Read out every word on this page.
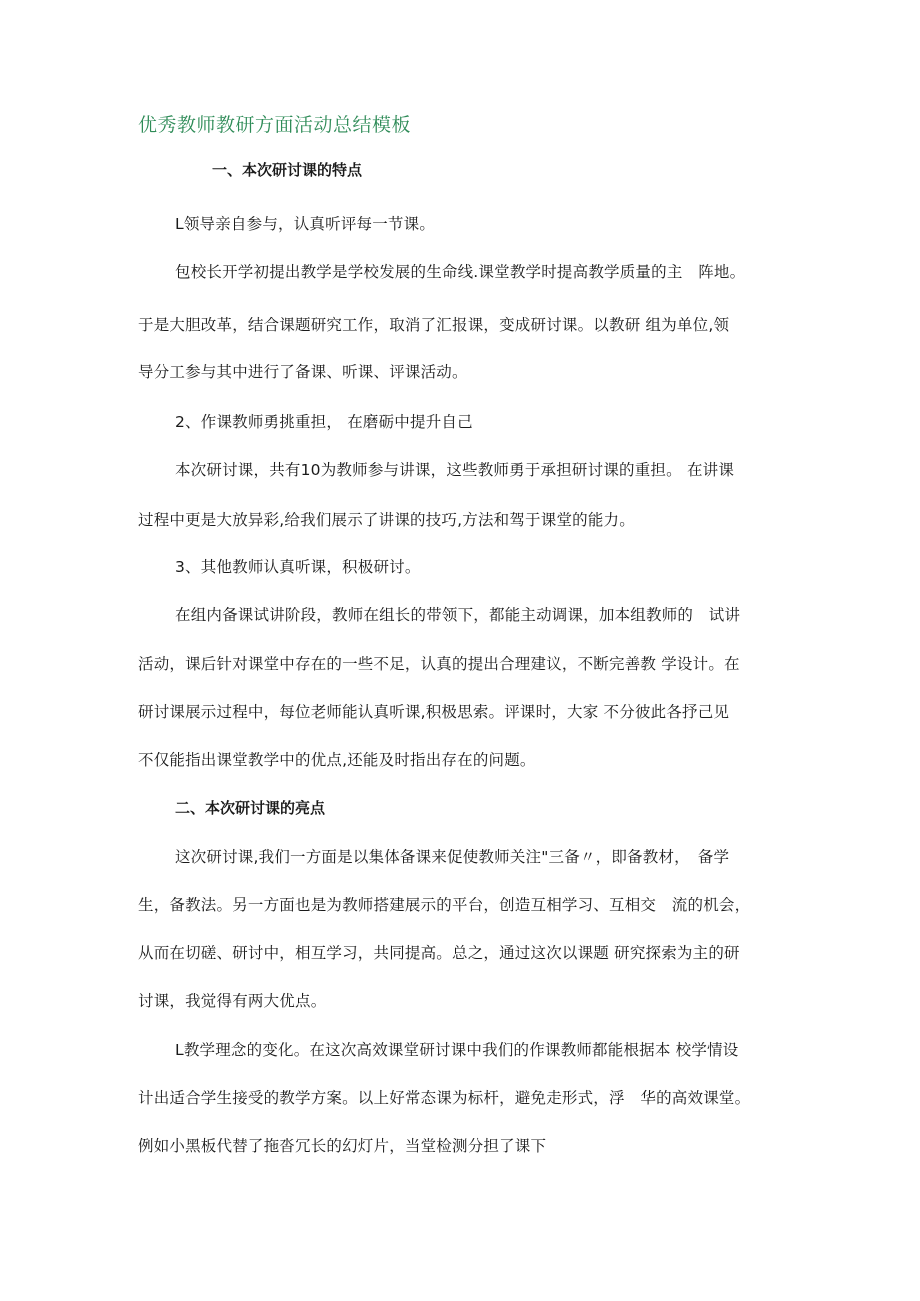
优秀教师教研方面活动总结模板
一、本次研讨课的特点
L领导亲自参与，认真听评每一节课。
包校长开学初提出教学是学校发展的生命线.课堂教学时提高教学质量的主　阵地。
于是大胆改革，结合课题研究工作，取消了汇报课，变成研讨课。以教研 组为单位,领
导分工参与其中进行了备课、听课、评课活动。
2、作课教师勇挑重担， 在磨砺中提升自己
本次研讨课，共有10为教师参与讲课，这些教师勇于承担研讨课的重担。 在讲课
过程中更是大放异彩,给我们展示了讲课的技巧,方法和驾于课堂的能力。
3、其他教师认真听课，积极研讨。
在组内备课试讲阶段，教师在组长的带领下，都能主动调课，加本组教师的　试讲
活动，课后针对课堂中存在的一些不足，认真的提出合理建议，不断完善教 学设计。在
研讨课展示过程中，每位老师能认真听课,积极思索。评课时，大家 不分彼此各抒己见
不仅能指出课堂教学中的优点,还能及时指出存在的问题。
二、本次研讨课的亮点
这次研讨课,我们一方面是以集体备课来促使教师关注"三备〃，即备教材，　备学
生，备教法。另一方面也是为教师搭建展示的平台，创造互相学习、互相交　流的机会，
从而在切磋、研讨中，相互学习，共同提高。总之，通过这次以课题 研究探索为主的研
讨课，我觉得有两大优点。
L教学理念的变化。在这次高效课堂研讨课中我们的作课教师都能根据本 校学情设
计出适合学生接受的教学方案。以上好常态课为标杆，避免走形式，浮　华的高效课堂。
例如小黑板代替了拖沓冗长的幻灯片，当堂检测分担了课下
